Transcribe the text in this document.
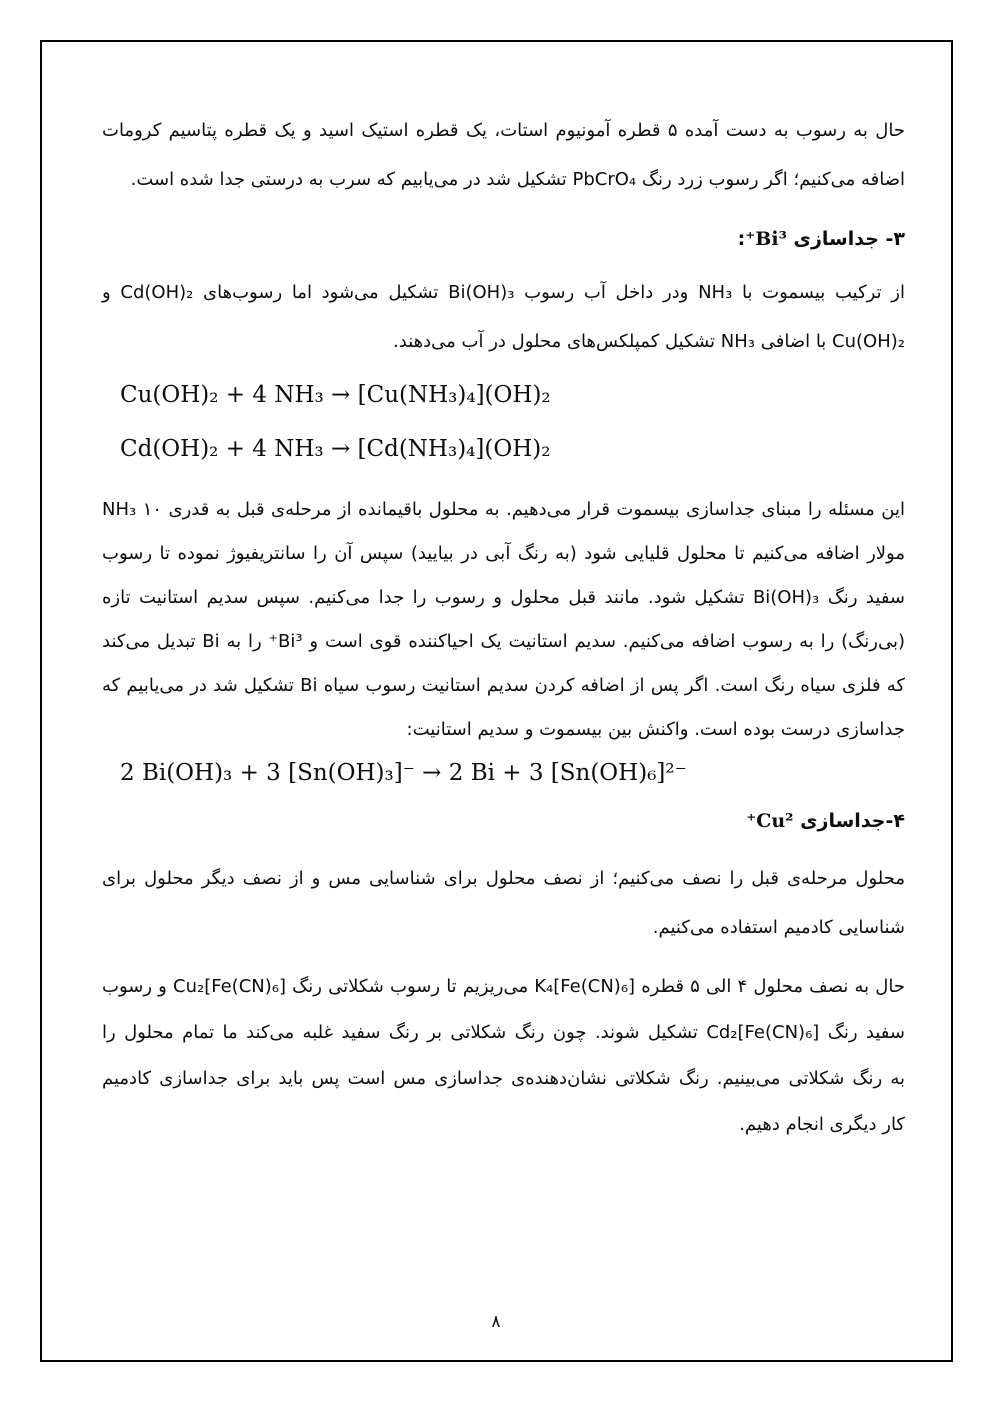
حال به رسوب به دست آمده ۵ قطره آمونیوم استات، یک قطره استیک اسید و یک قطره پتاسیم کرومات
اضافه می‌کنیم؛ اگر رسوب زرد رنگ PbCrO₄ تشکیل شد در می‌یابیم که سرب به درستی جدا شده است.
۳- جداسازی Bi³⁺:
از ترکیب بیسموت با NH₃ ودر داخل آب رسوب Bi(OH)₃ تشکیل می‌شود اما رسوب‌های Cd(OH)₂ و
Cu(OH)₂ با اضافی NH₃ تشکیل کمپلکس‌های محلول در آب می‌دهند.
Cu(OH)₂ + 4 NH₃ → [Cu(NH₃)₄](OH)₂
Cd(OH)₂ + 4 NH₃ → [Cd(NH₃)₄](OH)₂
این مسئله را مبنای جداسازی بیسموت قرار می‌دهیم. به محلول باقیمانده از مرحله‌ی قبل به قدری ۱۰ NH₃
مولار اضافه می‌کنیم تا محلول قلیایی شود (به رنگ آبی در بیایید) سپس آن را سانتریفیوژ نموده تا رسوب
سفید رنگ Bi(OH)₃ تشکیل شود. مانند قبل محلول و رسوب را جدا می‌کنیم. سپس سدیم استانیت تازه
(بی‌رنگ) را به رسوب اضافه می‌کنیم. سدیم استانیت یک احیاکننده قوی است و Bi³⁺ را به Bi تبدیل می‌کند
که فلزی سیاه رنگ است. اگر پس از اضافه کردن سدیم استانیت رسوب سیاه Bi تشکیل شد در می‌یابیم که
جداسازی درست بوده است. واکنش بین بیسموت و سدیم استانیت:
2 Bi(OH)₃ + 3 [Sn(OH)₃]⁻ → 2 Bi + 3 [Sn(OH)₆]²⁻
۴-جداسازی Cu²⁺
محلول مرحله‌ی قبل را نصف می‌کنیم؛ از نصف محلول برای شناسایی مس و از نصف دیگر محلول برای
شناسایی کادمیم استفاده می‌کنیم.
حال به نصف محلول ۴ الی ۵ قطره K₄[Fe(CN)₆] می‌ریزیم تا رسوب شکلاتی رنگ Cu₂[Fe(CN)₆] و رسوب
سفید رنگ Cd₂[Fe(CN)₆] تشکیل شوند. چون رنگ شکلاتی بر رنگ سفید غلبه می‌کند ما تمام محلول را
به رنگ شکلاتی می‌بینیم. رنگ شکلاتی نشان‌دهنده‌ی جداسازی مس است پس باید برای جداسازی کادمیم
کار دیگری انجام دهیم.
۸
